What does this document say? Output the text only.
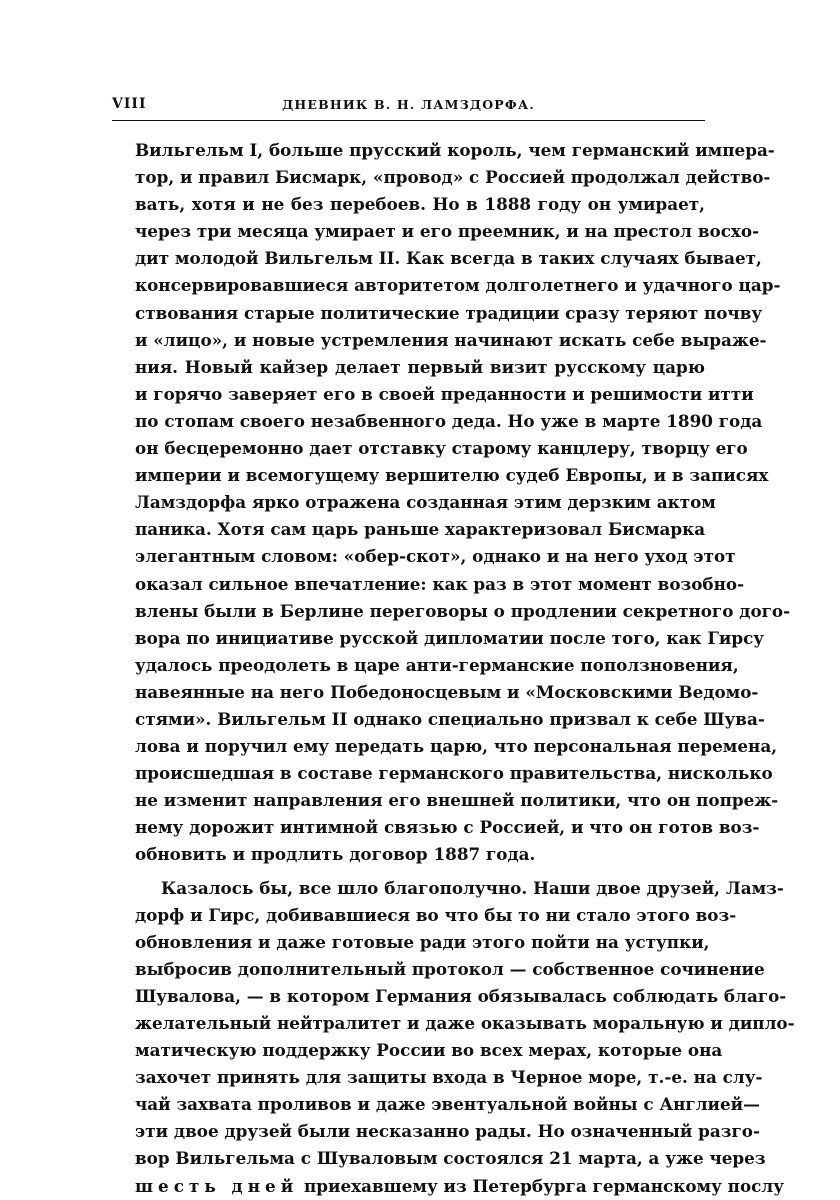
VIII	ДНЕВНИК В. Н. ЛАМЗДОРФА.
Вильгельм I, больше прусский король, чем германский импера-
тор, и правил Бисмарк, «провод» с Россией продолжал действо-
вать, хотя и не без перебоев. Но в 1888 году он умирает,
через три месяца умирает и его преемник, и на престол восхо-
дит молодой Вильгельм II. Как всегда в таких случаях бывает,
консервировавшиеся авторитетом долголетнего и удачного цар-
ствования старые политические традиции сразу теряют почву
и «лицо», и новые устремления начинают искать себе выраже-
ния. Новый кайзер делает первый визит русскому царю
и горячо заверяет его в своей преданности и решимости итти
по стопам своего незабвенного деда. Но уже в марте 1890 года
он бесцеремонно дает отставку старому канцлеру, творцу его
империи и всемогущему вершителю судеб Европы, и в записях
Ламздорфа ярко отражена созданная этим дерзким актом
паника. Хотя сам царь раньше характеризовал Бисмарка
элегантным словом: «обер-скот», однако и на него уход этот
оказал сильное впечатление: как раз в этот момент возобно-
влены были в Берлине переговоры о продлении секретного дого-
вора по инициативе русской дипломатии после того, как Гирсу
удалось преодолеть в царе анти-германские поползновения,
навеянные на него Победоносцевым и «Московскими Ведомо-
стями». Вильгельм II однако специально призвал к себе Шува-
лова и поручил ему передать царю, что персональная перемена,
происшедшая в составе германского правительства, нисколько
не изменит направления его внешней политики, что он попреж-
нему дорожит интимной связью с Россией, и что он готов воз-
обновить и продлить договор 1887 года.
Казалось бы, все шло благополучно. Наши двое друзей, Ламз-
дорф и Гирс, добивавшиеся во что бы то ни стало этого воз-
обновления и даже готовые ради этого пойти на уступки,
выбросив дополнительный протокол — собственное сочинение
Шувалова, — в котором Германия обязывалась соблюдать благо-
желательный нейтралитет и даже оказывать моральную и дипло-
матическую поддержку России во всех мерах, которые она
захочет принять для защиты входа в Черное море, т.-е. на слу-
чай захвата проливов и даже эвентуальной войны с Англией—
эти двое друзей были несказанно рады. Но означенный разго-
вор Вильгельма с Шуваловым состоялся 21 марта, а уже через
шесть дней приехавшему из Петербурга германскому послу
